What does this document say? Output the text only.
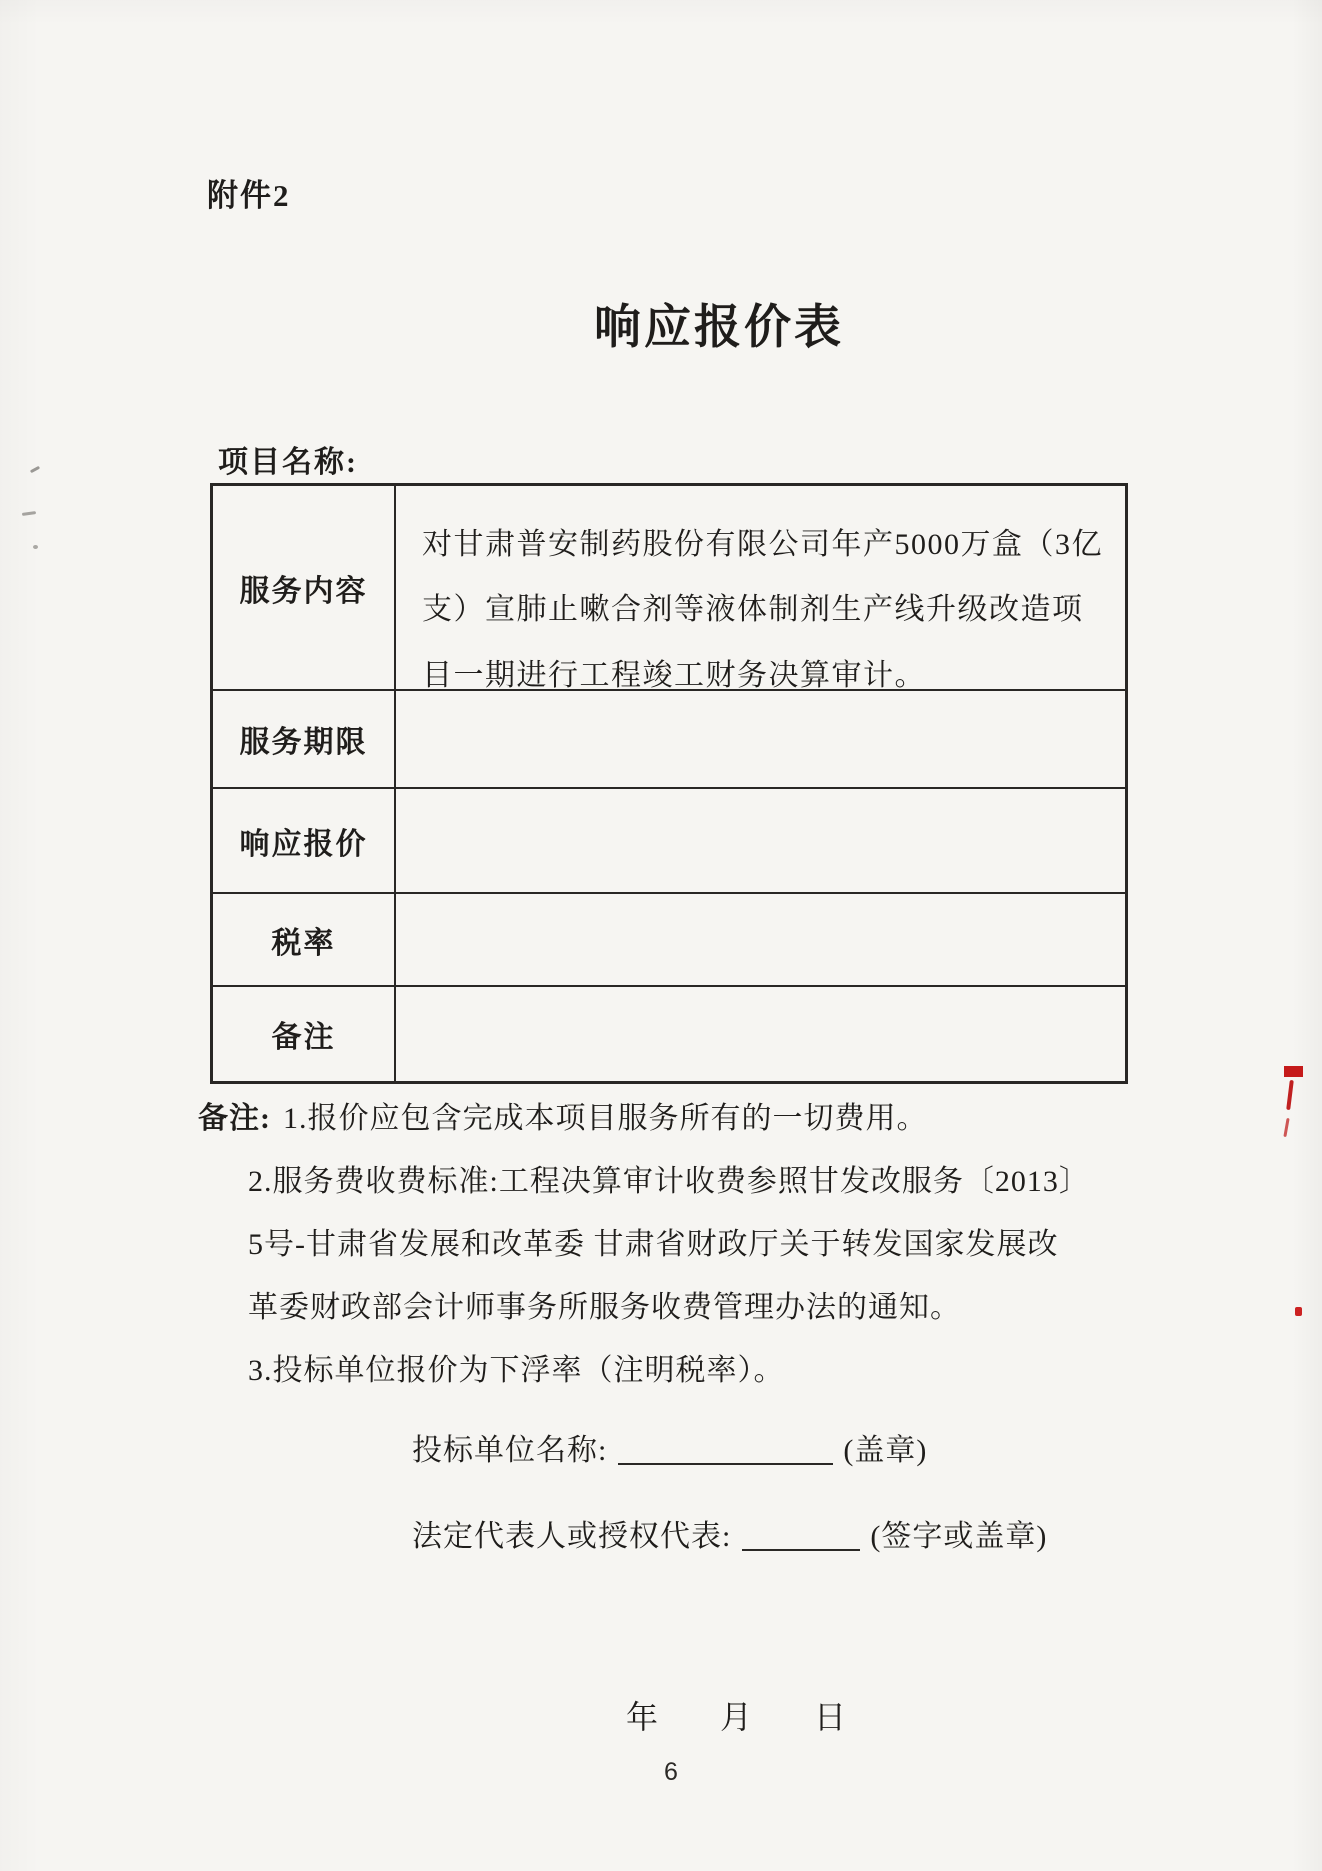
附件2
响应报价表
项目名称:
服务内容
对甘肃普安制药股份有限公司年产5000万盒（3亿支）宣肺止嗽合剂等液体制剂生产线升级改造项目一期进行工程竣工财务决算审计。
服务期限
响应报价
税率
备注
备注: 1.报价应包含完成本项目服务所有的一切费用。
2.服务费收费标准:工程决算审计收费参照甘发改服务〔2013〕
5号-甘肃省发展和改革委 甘肃省财政厅关于转发国家发展改
革委财政部会计师事务所服务收费管理办法的通知。
3.投标单位报价为下浮率（注明税率）。
投标单位名称:	(盖章)
法定代表人或授权代表:	(签字或盖章)
年 月 日
6
